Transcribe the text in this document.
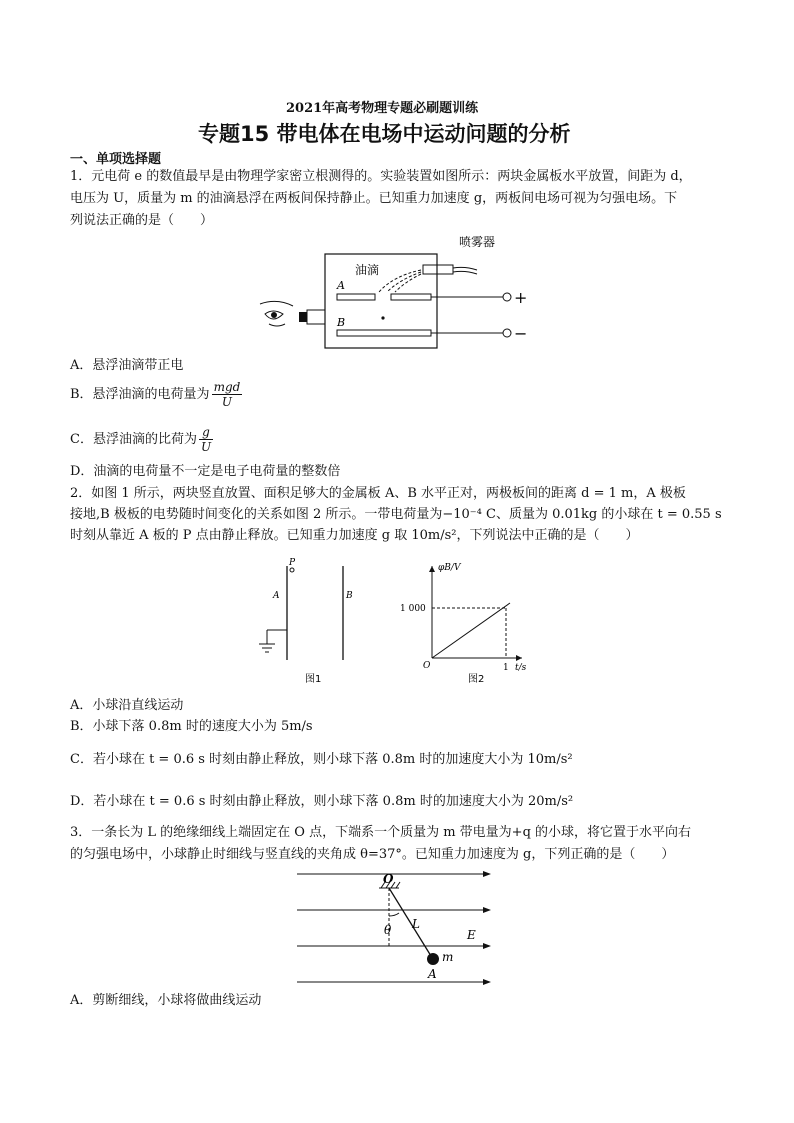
2021年高考物理专题必刷题训练
专题15 带电体在电场中运动问题的分析
一、单项选择题
1．元电荷 e 的数值最早是由物理学家密立根测得的。实验装置如图所示：两块金属板水平放置，间距为 d，
电压为 U，质量为 m 的油滴悬浮在两板间保持静止。已知重力加速度 g，两板间电场可视为匀强电场。下
列说法正确的是（　　）
喷雾器
油滴
A
B
+
−
A．悬浮油滴带正电
B．悬浮油滴的电荷量为 $\frac{\text{mgd}}{U}$
C．悬浮油滴的比荷为 $\frac{g}{U}$
D．油滴的电荷量不一定是电子电荷量的整数倍
2．如图 1 所示，两块竖直放置、面积足够大的金属板 A、B 水平正对，两极板间的距离 d = 1 m，A 极板
接地,B 极板的电势随时间变化的关系如图 2 所示。一带电荷量为−10⁻⁴ C、质量为 0.01kg 的小球在 t = 0.55 s
时刻从靠近 A 板的 P 点由静止释放。已知重力加速度 g 取 10m/s²，下列说法中正确的是（　　）
P
A	B
图1
φB/V
1 000
O	1 t/s
图2
A．小球沿直线运动
B．小球下落 0.8m 时的速度大小为 5m/s
C．若小球在 t = 0.6 s 时刻由静止释放，则小球下落 0.8m 时的加速度大小为 10m/s²
D．若小球在 t = 0.6 s 时刻由静止释放，则小球下落 0.8m 时的加速度大小为 20m/s²
3．一条长为 L 的绝缘细线上端固定在 O 点，下端系一个质量为 m 带电量为+q 的小球，将它置于水平向右
的匀强电场中，小球静止时细线与竖直线的夹角成 θ=37°。已知重力加速度为 g，下列正确的是（　　）
O
L
θ	E
m
A
A．剪断细线，小球将做曲线运动
